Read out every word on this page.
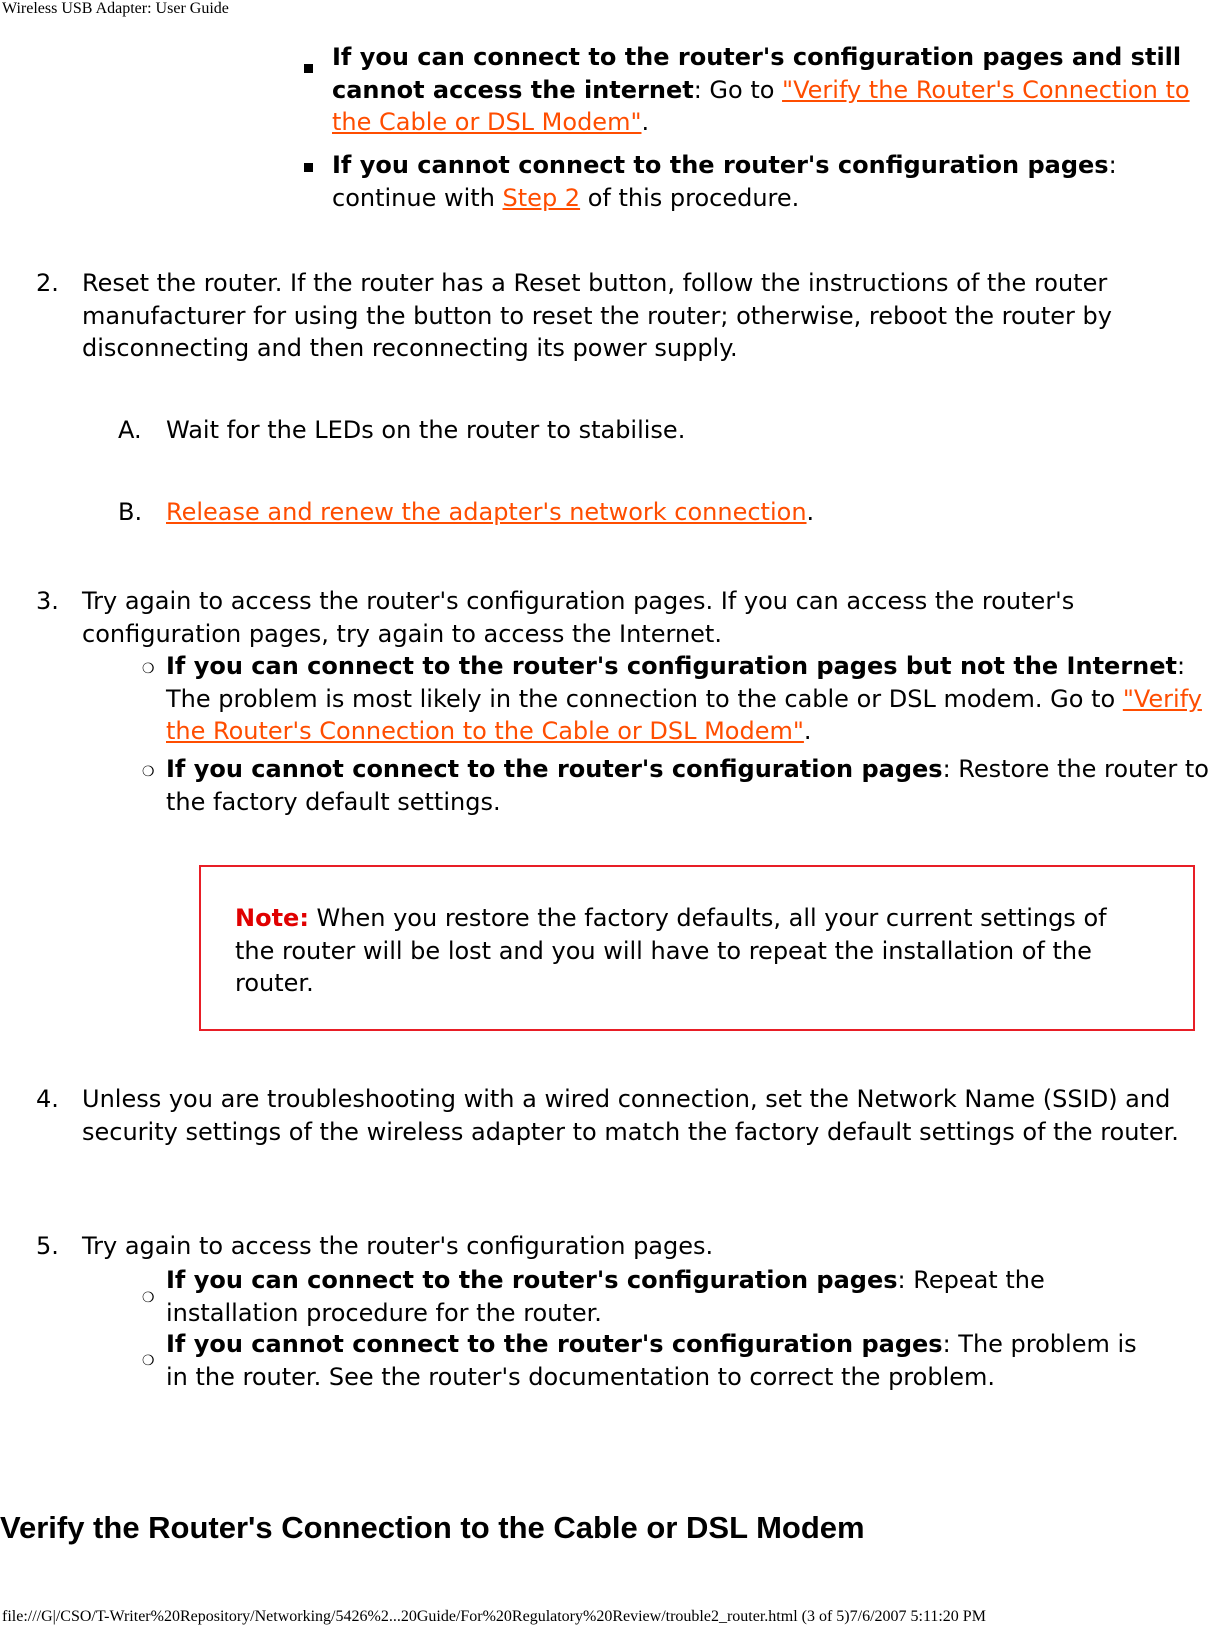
Wireless USB Adapter: User Guide
If you can connect to the router's configuration pages and still cannot access the internet: Go to "Verify the Router's Connection to the Cable or DSL Modem".
If you cannot connect to the router's configuration pages: continue with Step 2 of this procedure.
2. Reset the router. If the router has a Reset button, follow the instructions of the router manufacturer for using the button to reset the router; otherwise, reboot the router by disconnecting and then reconnecting its power supply.
A. Wait for the LEDs on the router to stabilise.
B. Release and renew the adapter's network connection.
3. Try again to access the router's configuration pages. If you can access the router's configuration pages, try again to access the Internet.
❍ If you can connect to the router's configuration pages but not the Internet: The problem is most likely in the connection to the cable or DSL modem. Go to "Verify the Router's Connection to the Cable or DSL Modem".
❍ If you cannot connect to the router's configuration pages: Restore the router to the factory default settings.
Note: When you restore the factory defaults, all your current settings of the router will be lost and you will have to repeat the installation of the router.
4. Unless you are troubleshooting with a wired connection, set the Network Name (SSID) and security settings of the wireless adapter to match the factory default settings of the router.
5. Try again to access the router's configuration pages.
❍
If you can connect to the router's configuration pages: Repeat the installation procedure for the router.
❍
If you cannot connect to the router's configuration pages: The problem is in the router. See the router's documentation to correct the problem.
Verify the Router's Connection to the Cable or DSL Modem
file:///G|/CSO/T-Writer%20Repository/Networking/5426%2...20Guide/For%20Regulatory%20Review/trouble2_router.html (3 of 5)7/6/2007 5:11:20 PM
